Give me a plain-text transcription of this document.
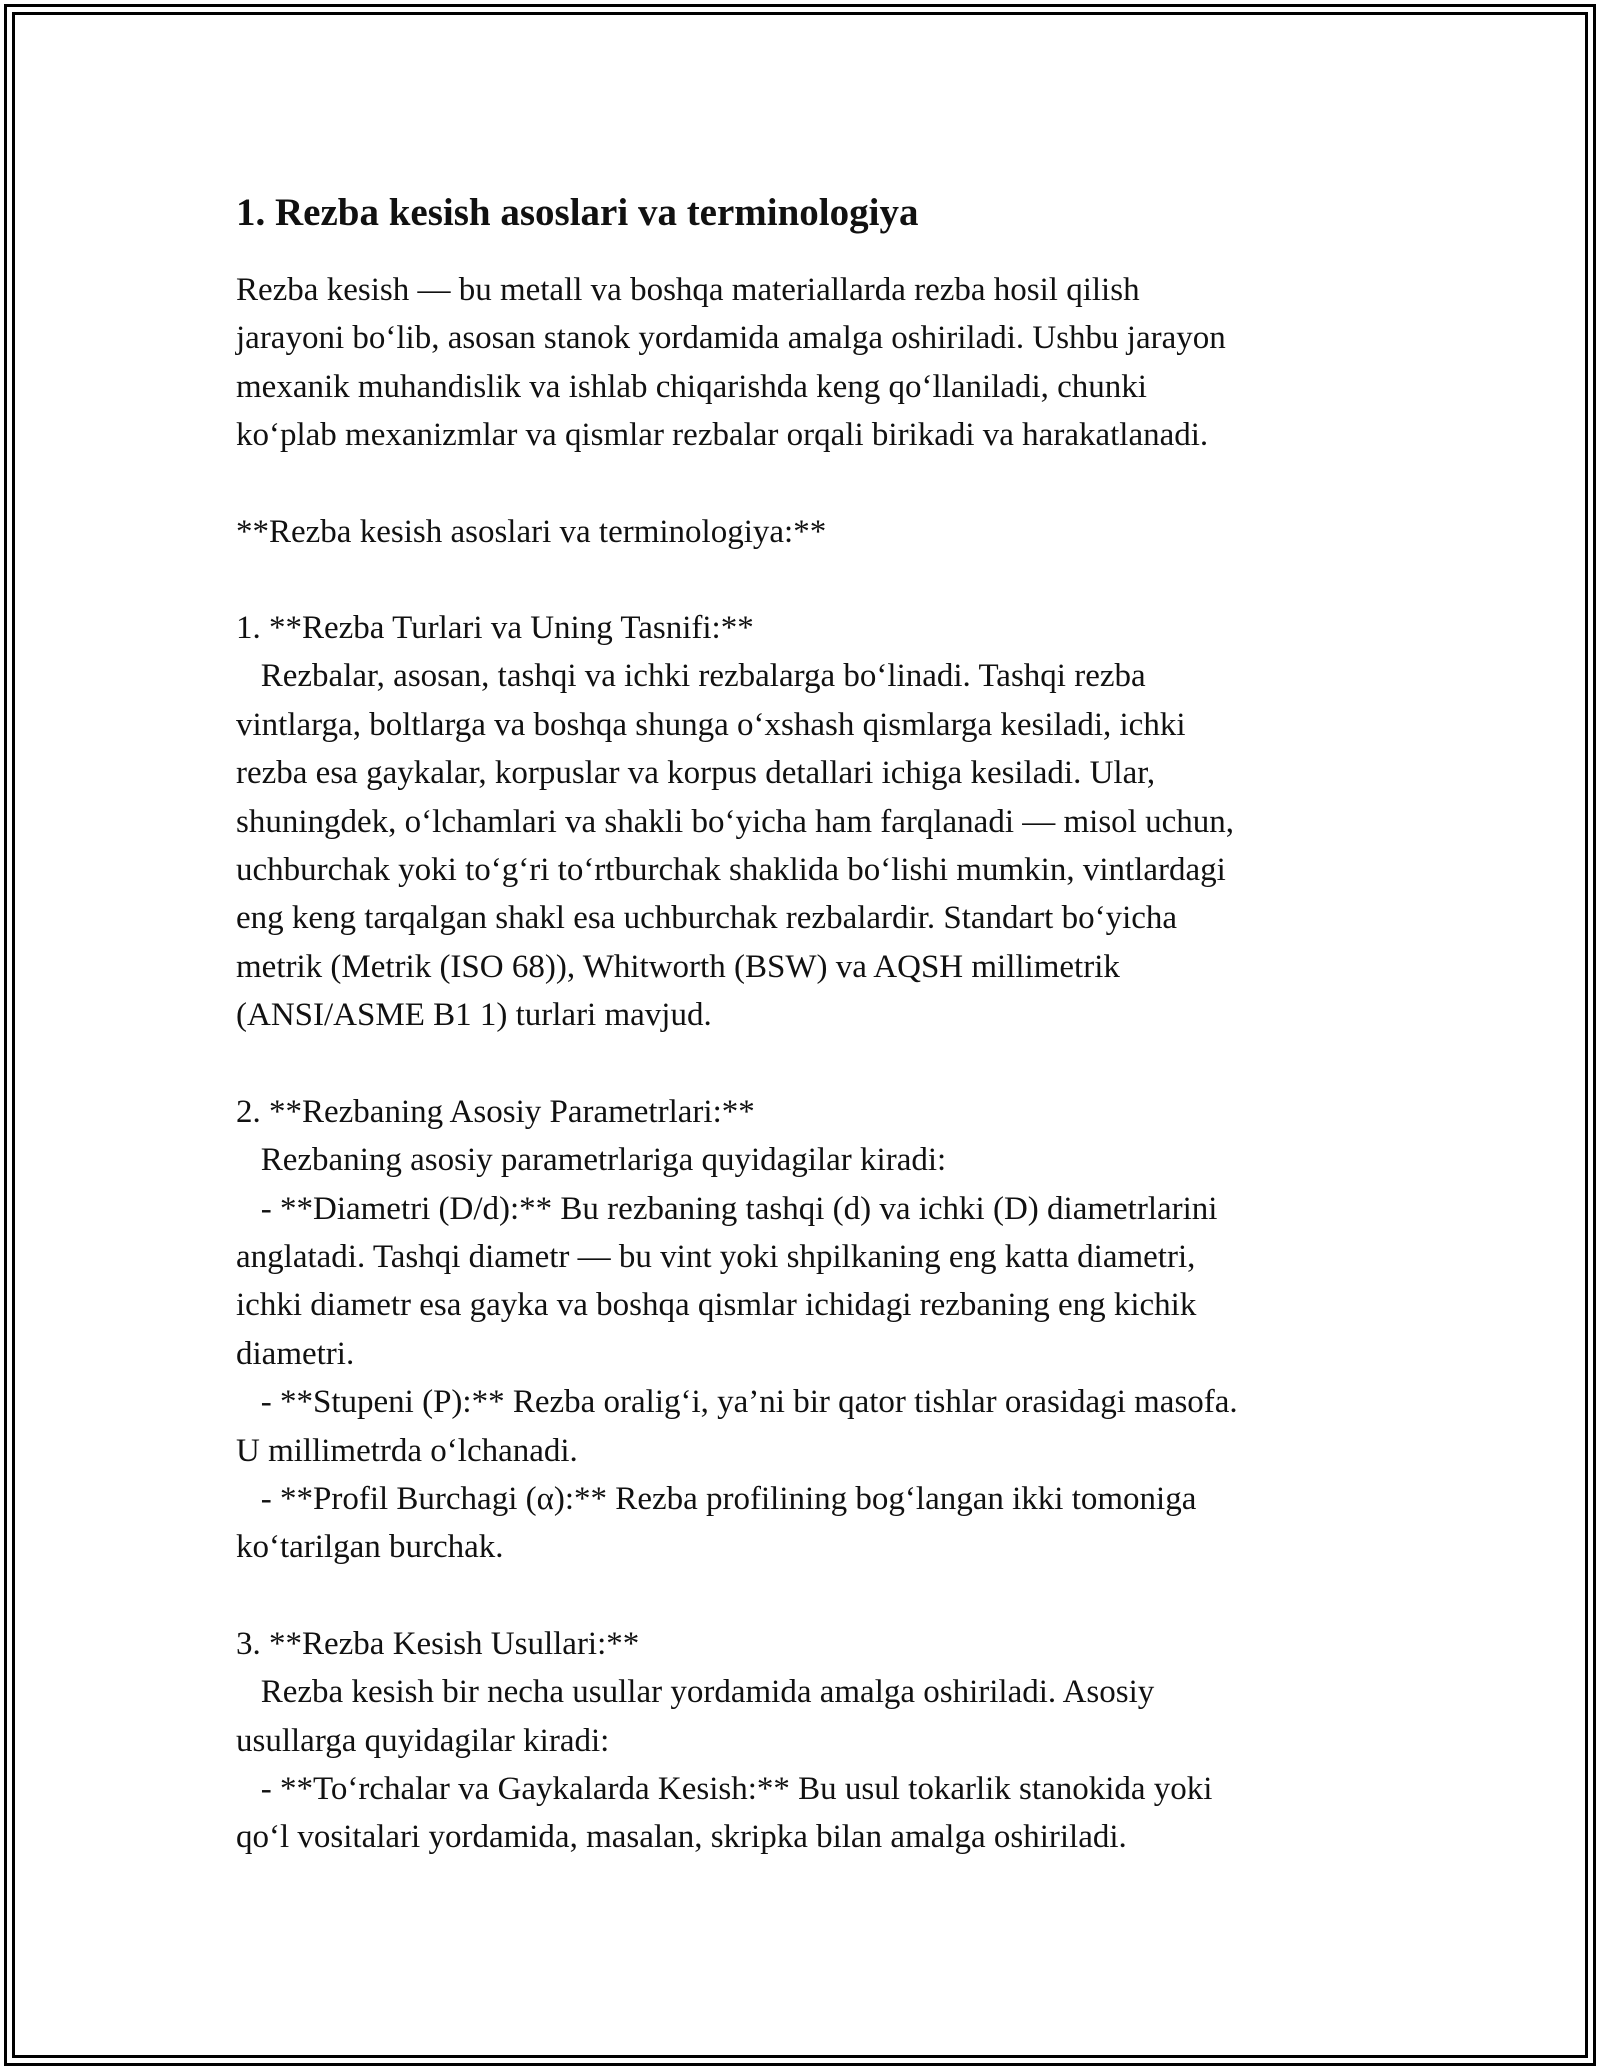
1. Rezba kesish asoslari va terminologiya

Rezba kesish — bu metall va boshqa materiallarda rezba hosil qilish
jarayoni bo‘lib, asosan stanok yordamida amalga oshiriladi. Ushbu jarayon
mexanik muhandislik va ishlab chiqarishda keng qo‘llaniladi, chunki
ko‘plab mexanizmlar va qismlar rezbalar orqali birikadi va harakatlanadi.

**Rezba kesish asoslari va terminologiya:**

1. **Rezba Turlari va Uning Tasnifi:**
Rezbalar, asosan, tashqi va ichki rezbalarga bo‘linadi. Tashqi rezba
vintlarga, boltlarga va boshqa shunga o‘xshash qismlarga kesiladi, ichki
rezba esa gaykalar, korpuslar va korpus detallari ichiga kesiladi. Ular,
shuningdek, o‘lchamlari va shakli bo‘yicha ham farqlanadi — misol uchun,
uchburchak yoki to‘g‘ri to‘rtburchak shaklida bo‘lishi mumkin, vintlardagi
eng keng tarqalgan shakl esa uchburchak rezbalardir. Standart bo‘yicha
metrik (Metrik (ISO 68)), Whitworth (BSW) va AQSH millimetrik
(ANSI/ASME B1 1) turlari mavjud.

2. **Rezbaning Asosiy Parametrlari:**
Rezbaning asosiy parametrlariga quyidagilar kiradi:
- **Diametri (D/d):** Bu rezbaning tashqi (d) va ichki (D) diametrlarini
anglatadi. Tashqi diametr — bu vint yoki shpilkaning eng katta diametri,
ichki diametr esa gayka va boshqa qismlar ichidagi rezbaning eng kichik
diametri.
- **Stupeni (P):** Rezba oralig‘i, ya’ni bir qator tishlar orasidagi masofa.
U millimetrda o‘lchanadi.
- **Profil Burchagi (α):** Rezba profilining bog‘langan ikki tomoniga
ko‘tarilgan burchak.

3. **Rezba Kesish Usullari:**
Rezba kesish bir necha usullar yordamida amalga oshiriladi. Asosiy
usullarga quyidagilar kiradi:
- **To‘rchalar va Gaykalarda Kesish:** Bu usul tokarlik stanokida yoki
qo‘l vositalari yordamida, masalan, skripka bilan amalga oshiriladi.
